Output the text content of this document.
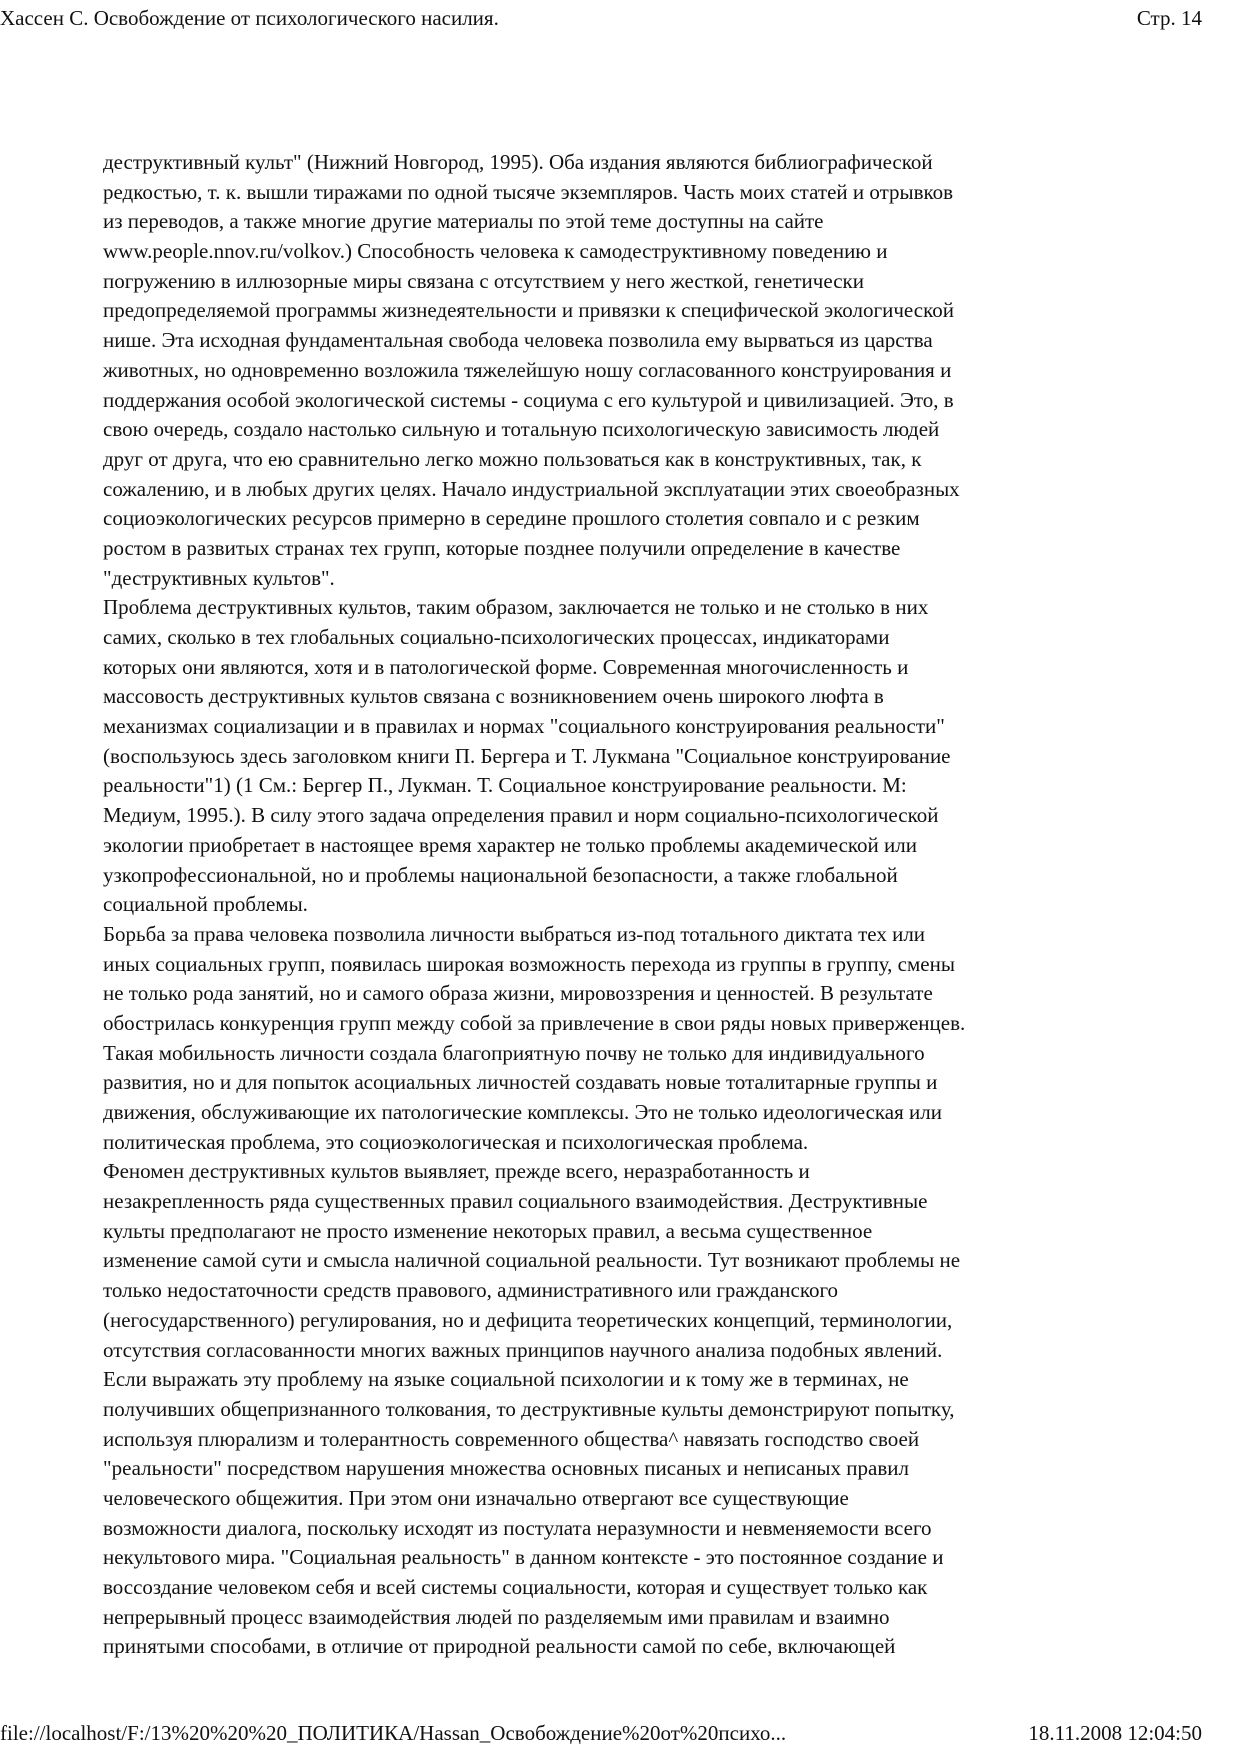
Хассен С. Освобождение от психологического насилия.	Стр. 14
деструктивный культ" (Нижний Новгород, 1995). Оба издания являются библиографической
редкостью, т. к. вышли тиражами по одной тысяче экземпляров. Часть моих статей и отрывков
из переводов, а также многие другие материалы по этой теме доступны на сайте
www.people.nnov.ru/volkov.) Способность человека к самодеструктивному поведению и
погружению в иллюзорные миры связана с отсутствием у него жесткой, генетически
предопределяемой программы жизнедеятельности и привязки к специфической экологической
нише. Эта исходная фундаментальная свобода человека позволила ему вырваться из царства
животных, но одновременно возложила тяжелейшую ношу согласованного конструирования и
поддержания особой экологической системы - социума с его культурой и цивилизацией. Это, в
свою очередь, создало настолько сильную и тотальную психологическую зависимость людей
друг от друга, что ею сравнительно легко можно пользоваться как в конструктивных, так, к
сожалению, и в любых других целях. Начало индустриальной эксплуатации этих своеобразных
социоэкологических ресурсов примерно в середине прошлого столетия совпало и с резким
ростом в развитых странах тех групп, которые позднее получили определение в качестве
"деструктивных культов".
Проблема деструктивных культов, таким образом, заключается не только и не столько в них
самих, сколько в тех глобальных социально-психологических процессах, индикаторами
которых они являются, хотя и в патологической форме. Современная многочисленность и
массовость деструктивных культов связана с возникновением очень широкого люфта в
механизмах социализации и в правилах и нормах "социального конструирования реальности"
(воспользуюсь здесь заголовком книги П. Бергера и Т. Лукмана "Социальное конструирование
реальности"1) (1 См.: Бергер П., Лукман. Т. Социальное конструирование реальности. М:
Медиум, 1995.). В силу этого задача определения правил и норм социально-психологической
экологии приобретает в настоящее время характер не только проблемы академической или
узкопрофессиональной, но и проблемы национальной безопасности, а также глобальной
социальной проблемы.
Борьба за права человека позволила личности выбраться из-под тотального диктата тех или
иных социальных групп, появилась широкая возможность перехода из группы в группу, смены
не только рода занятий, но и самого образа жизни, мировоззрения и ценностей. В результате
обострилась конкуренция групп между собой за привлечение в свои ряды новых приверженцев.
Такая мобильность личности создала благоприятную почву не только для индивидуального
развития, но и для попыток асоциальных личностей создавать новые тоталитарные группы и
движения, обслуживающие их патологические комплексы. Это не только идеологическая или
политическая проблема, это социоэкологическая и психологическая проблема.
Феномен деструктивных культов выявляет, прежде всего, неразработанность и
незакрепленность ряда существенных правил социального взаимодействия. Деструктивные
культы предполагают не просто изменение некоторых правил, а весьма существенное
изменение самой сути и смысла наличной социальной реальности. Тут возникают проблемы не
только недостаточности средств правового, административного или гражданского
(негосударственного) регулирования, но и дефицита теоретических концепций, терминологии,
отсутствия согласованности многих важных принципов научного анализа подобных явлений.
Если выражать эту проблему на языке социальной психологии и к тому же в терминах, не
получивших общепризнанного толкования, то деструктивные культы демонстрируют попытку,
используя плюрализм и толерантность современного общества^ навязать господство своей
"реальности" посредством нарушения множества основных писаных и неписаных правил
человеческого общежития. При этом они изначально отвергают все существующие
возможности диалога, поскольку исходят из постулата неразумности и невменяемости всего
некультового мира. "Социальная реальность" в данном контексте - это постоянное создание и
воссоздание человеком себя и всей системы социальности, которая и существует только как
непрерывный процесс взаимодействия людей по разделяемым ими правилам и взаимно
принятыми способами, в отличие от природной реальности самой по себе, включающей
file://localhost/F:/13%20%20%20_ПОЛИТИКА/Hassan_Освобождение%20от%20психо...	18.11.2008 12:04:50
